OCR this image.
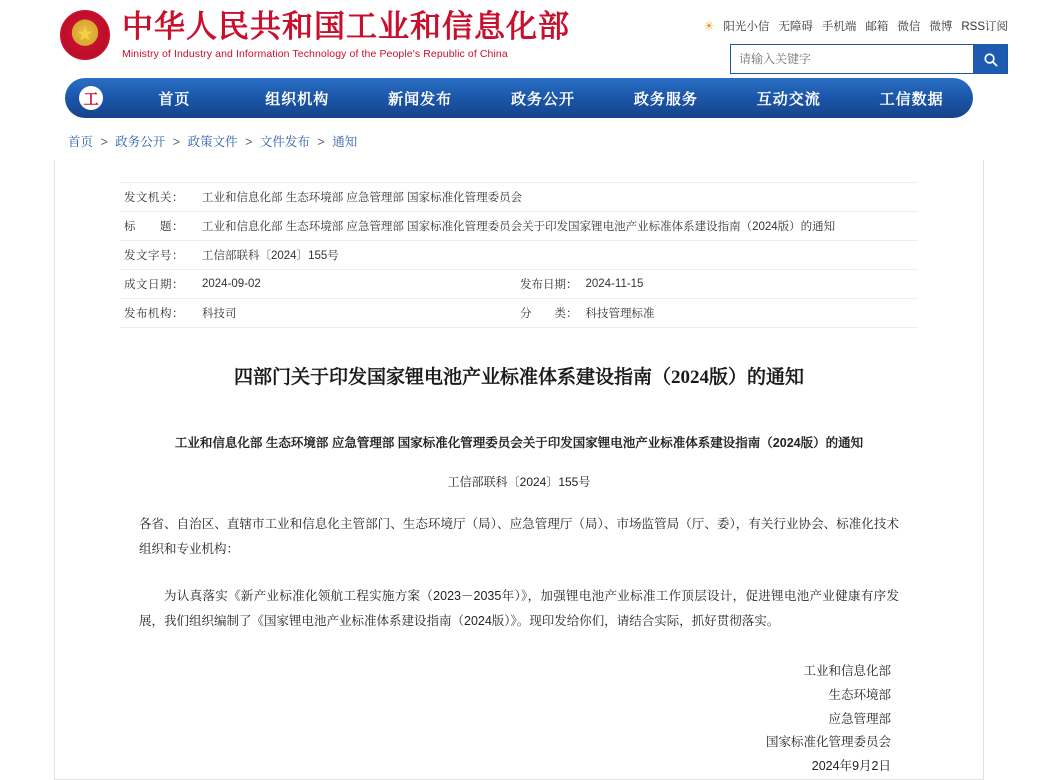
★
中华人民共和国工业和信息化部
Ministry of Industry and Information Technology of the People's Republic of China
☀ 阳光小信 无障碍 手机端 邮箱 微信 微博 RSS订阅
请输入关键字
工	首页	组织机构	新闻发布	政务公开	政务服务	互动交流	工信数据
首页 > 政务公开 > 政策文件 > 文件发布 > 通知
发文机关：	工业和信息化部 生态环境部 应急管理部 国家标准化管理委员会		
标　　题：	工业和信息化部 生态环境部 应急管理部 国家标准化管理委员会关于印发国家锂电池产业标准体系建设指南（2024版）的通知		
发文字号：	工信部联科〔2024〕155号		
成文日期：	2024-09-02	发布日期：	2024-11-15
发布机构：	科技司	分　　类：	科技管理标准
四部门关于印发国家锂电池产业标准体系建设指南（2024版）的通知
工业和信息化部 生态环境部 应急管理部 国家标准化管理委员会关于印发国家锂电池产业标准体系建设指南（2024版）的通知
工信部联科〔2024〕155号
各省、自治区、直辖市工业和信息化主管部门、生态环境厅（局）、应急管理厅（局）、市场监管局（厅、委），有关行业协会、标准化技术组织和专业机构：
为认真落实《新产业标准化领航工程实施方案（2023－2035年）》，加强锂电池产业标准工作顶层设计，促进锂电池产业健康有序发展，我们组织编制了《国家锂电池产业标准体系建设指南（2024版）》。现印发给你们，请结合实际，抓好贯彻落实。
工业和信息化部
生态环境部
应急管理部
国家标准化管理委员会
2024年9月2日
